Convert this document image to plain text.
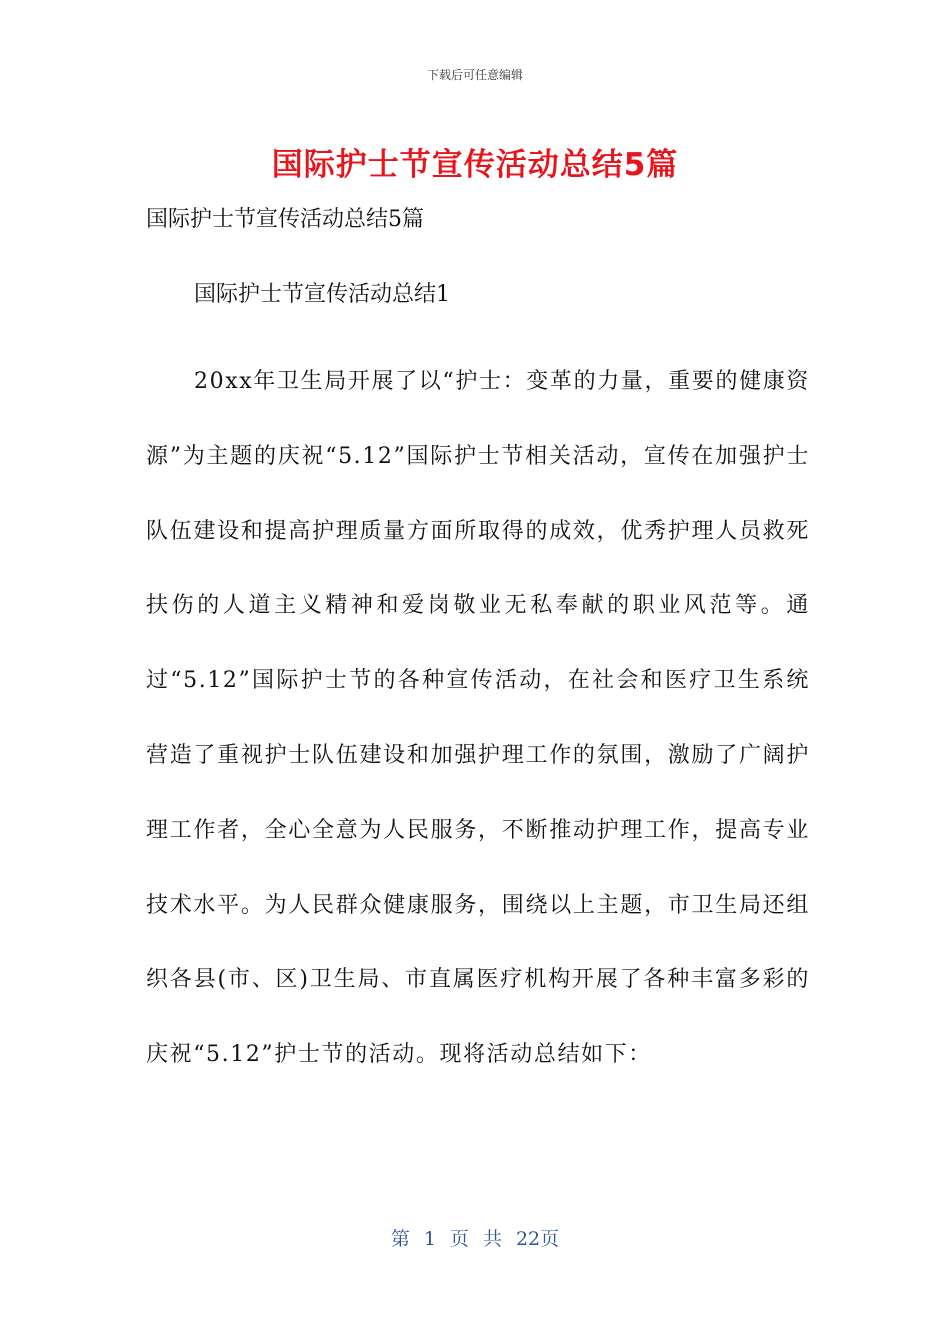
下载后可任意编辑
国际护士节宣传活动总结5篇

国际护士节宣传活动总结5篇

国际护士节宣传活动总结1

20xx年卫生局开展了以“护士：变革的力量，重要的健康资源”为主题的庆祝“5.12”国际护士节相关活动，宣传在加强护士队伍建设和提高护理质量方面所取得的成效，优秀护理人员救死扶伤的人道主义精神和爱岗敬业无私奉献的职业风范等。通过“5.12”国际护士节的各种宣传活动，在社会和医疗卫生系统营造了重视护士队伍建设和加强护理工作的氛围，激励了广阔护理工作者，全心全意为人民服务，不断推动护理工作，提高专业技术水平。为人民群众健康服务，围绕以上主题，市卫生局还组织各县(市、区)卫生局、市直属医疗机构开展了各种丰富多彩的庆祝“5.12”护士节的活动。现将活动总结如下：

第 1 页 共 22页
